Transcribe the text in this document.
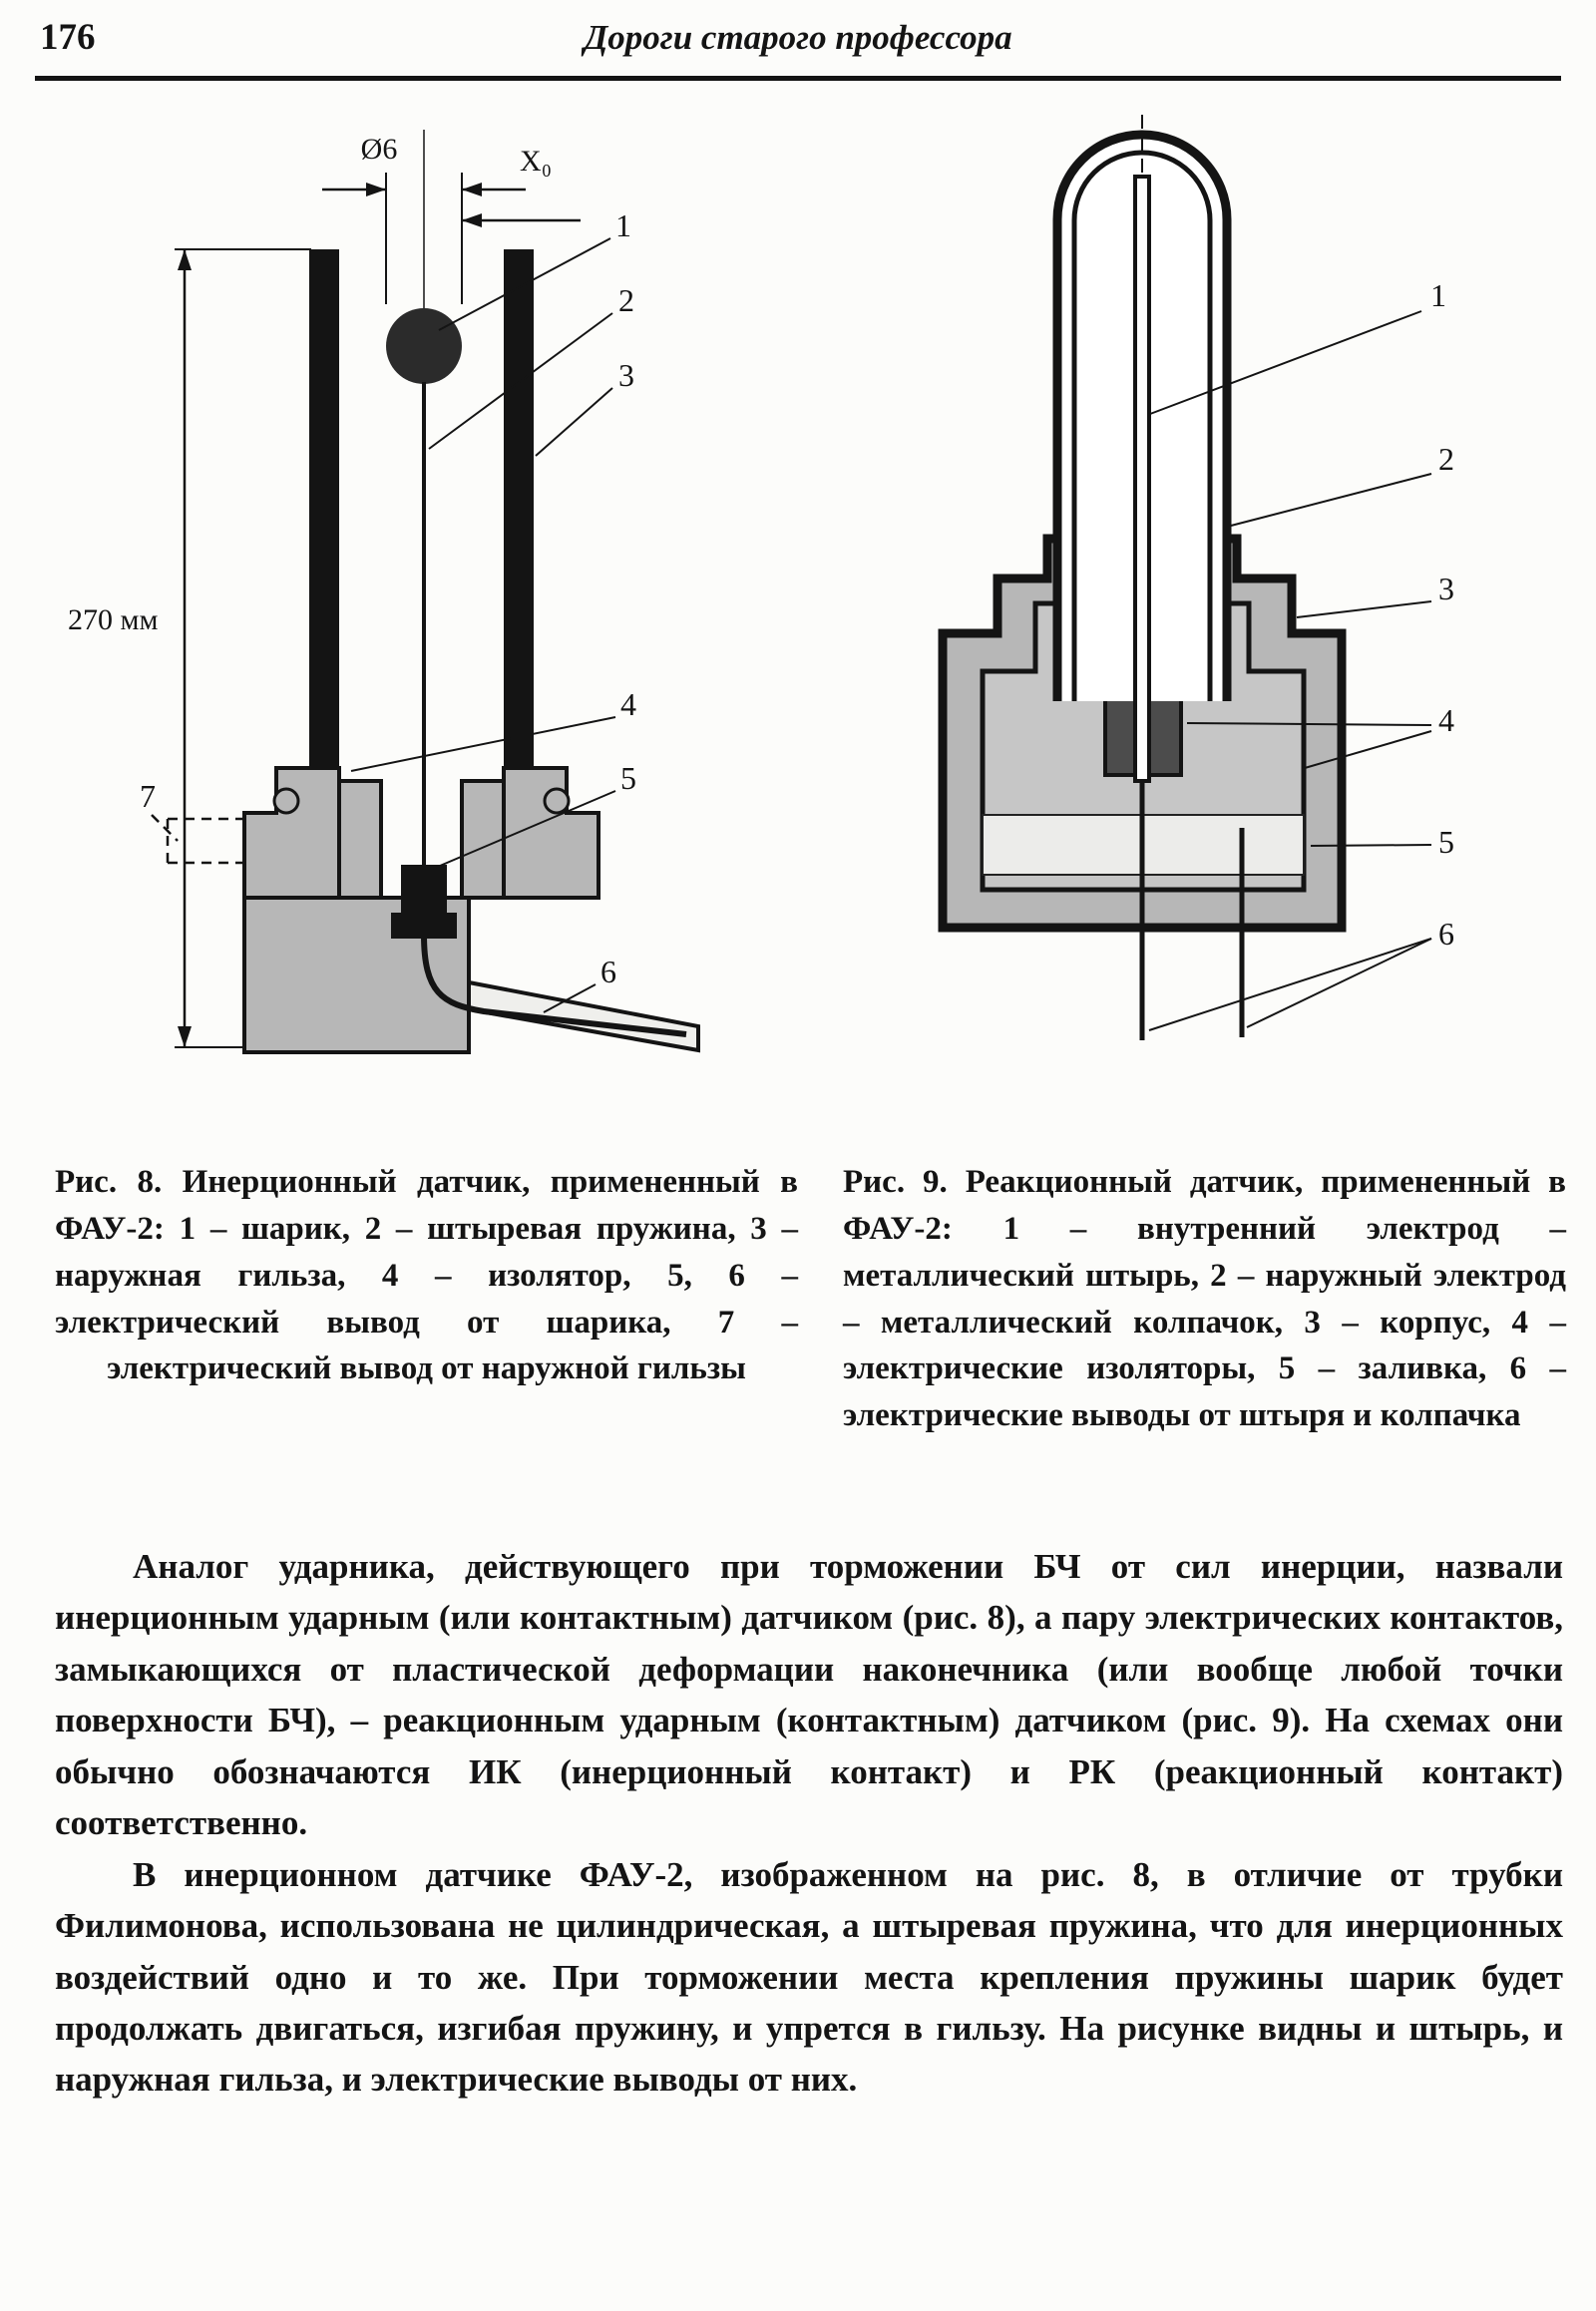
176	Дороги старого профессора
Ø6	X₀
270 мм
1
2
3
4
5
6
7
1
2
3
4
5
6
Рис. 8. Инерционный датчик, примененный в ФАУ-2: 1 – шарик, 2 – штыревая пружина, 3 – наружная гильза, 4 – изолятор, 5, 6 – электрический вывод от шарика, 7 – электрический вывод от наружной гильзы
Рис. 9. Реакционный датчик, примененный в ФАУ-2: 1 – внутренний электрод – металлический штырь, 2 – наружный электрод – металлический колпачок, 3 – корпус, 4 – электрические изоляторы, 5 – заливка, 6 – электрические выводы от штыря и колпачка

Аналог ударника, действующего при торможении БЧ от сил инерции, назвали инерционным ударным (или контактным) датчиком (рис. 8), а пару электрических контактов, замыкающихся от пластической деформации наконечника (или вообще любой точки поверхности БЧ), – реакционным ударным (контактным) датчиком (рис. 9). На схемах они обычно обозначаются ИК (инерционный контакт) и РК (реакционный контакт) соответственно.

В инерционном датчике ФАУ-2, изображенном на рис. 8, в отличие от трубки Филимонова, использована не цилиндрическая, а штыревая пружина, что для инерционных воздействий одно и то же. При торможении места крепления пружины шарик будет продолжать двигаться, изгибая пружину, и упрется в гильзу. На рисунке видны и штырь, и наружная гильза, и электрические выводы от них.
